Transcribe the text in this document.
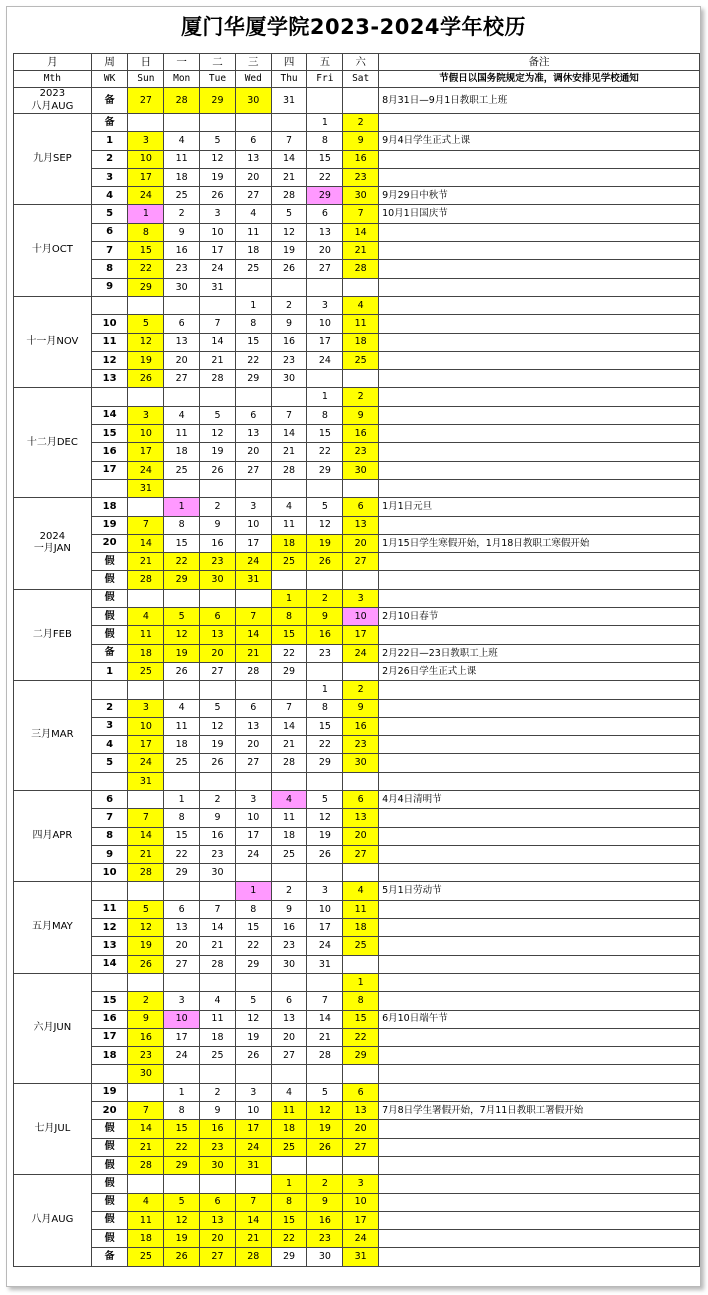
厦门华厦学院2023-2024学年校历
月	周	日	一	二	三	四	五	六	备注
Mth	WK	Sun	Mon	Tue	Wed	Thu	Fri	Sat	节假日以国务院规定为准，调休安排见学校通知
2023
八月AUG	备	27	28	29	30	31			8月31日—9月1日教职工上班
九月SEP	备						1	2	
	1	3	4	5	6	7	8	9	9月4日学生正式上课
	2	10	11	12	13	14	15	16	
	3	17	18	19	20	21	22	23	
	4	24	25	26	27	28	29	30	9月29日中秋节
十月OCT	5	1	2	3	4	5	6	7	10月1日国庆节
	6	8	9	10	11	12	13	14	
	7	15	16	17	18	19	20	21	
	8	22	23	24	25	26	27	28	
	9	29	30	31					
十一月NOV					1	2	3	4	
	10	5	6	7	8	9	10	11	
	11	12	13	14	15	16	17	18	
	12	19	20	21	22	23	24	25	
	13	26	27	28	29	30			
十二月DEC							1	2	
	14	3	4	5	6	7	8	9	
	15	10	11	12	13	14	15	16	
	16	17	18	19	20	21	22	23	
	17	24	25	26	27	28	29	30	
		31							
2024
一月JAN	18		1	2	3	4	5	6	1月1日元旦
	19	7	8	9	10	11	12	13	
	20	14	15	16	17	18	19	20	1月15日学生寒假开始，1月18日教职工寒假开始
	假	21	22	23	24	25	26	27	
	假	28	29	30	31				
二月FEB	假					1	2	3	
	假	4	5	6	7	8	9	10	2月10日春节
	假	11	12	13	14	15	16	17	
	备	18	19	20	21	22	23	24	2月22日—23日教职工上班
	1	25	26	27	28	29			2月26日学生正式上课
三月MAR							1	2	
	2	3	4	5	6	7	8	9	
	3	10	11	12	13	14	15	16	
	4	17	18	19	20	21	22	23	
	5	24	25	26	27	28	29	30	
		31							
四月APR	6		1	2	3	4	5	6	4月4日清明节
	7	7	8	9	10	11	12	13	
	8	14	15	16	17	18	19	20	
	9	21	22	23	24	25	26	27	
	10	28	29	30					
五月MAY					1	2	3	4	5月1日劳动节
	11	5	6	7	8	9	10	11	
	12	12	13	14	15	16	17	18	
	13	19	20	21	22	23	24	25	
	14	26	27	28	29	30	31		
六月JUN								1	
	15	2	3	4	5	6	7	8	
	16	9	10	11	12	13	14	15	6月10日端午节
	17	16	17	18	19	20	21	22	
	18	23	24	25	26	27	28	29	
		30							
七月JUL	19		1	2	3	4	5	6	
	20	7	8	9	10	11	12	13	7月8日学生署假开始，7月11日教职工署假开始
	假	14	15	16	17	18	19	20	
	假	21	22	23	24	25	26	27	
	假	28	29	30	31				
八月AUG	假					1	2	3	
	假	4	5	6	7	8	9	10	
	假	11	12	13	14	15	16	17	
	假	18	19	20	21	22	23	24	
	备	25	26	27	28	29	30	31	
